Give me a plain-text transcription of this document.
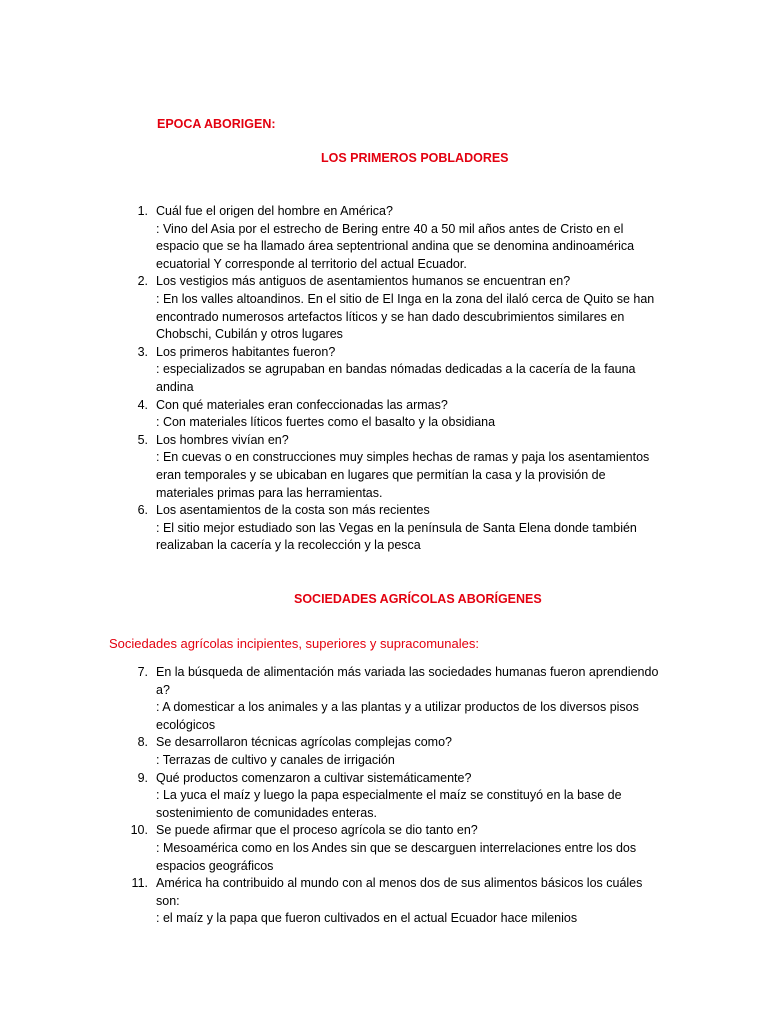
EPOCA ABORIGEN:
LOS PRIMEROS POBLADORES
1. Cuál fue el origen del hombre en América?
: Vino del Asia por el estrecho de Bering entre 40 a 50 mil años antes de Cristo en el espacio que se ha llamado área septentrional andina que se denomina andinoamérica ecuatorial Y corresponde al territorio del actual Ecuador.
2. Los vestigios más antiguos de asentamientos humanos se encuentran en?
: En los valles altoandinos. En el sitio de El Inga en la zona del ilaló cerca de Quito se han encontrado numerosos artefactos líticos y se han dado descubrimientos similares en Chobschi, Cubilán y otros lugares
3. Los primeros habitantes fueron?
: especializados se agrupaban en bandas nómadas dedicadas a la cacería de la fauna andina
4. Con qué materiales eran confeccionadas las armas?
: Con materiales líticos fuertes como el basalto y la obsidiana
5. Los hombres vivían en?
: En cuevas o en construcciones muy simples hechas de ramas y paja los asentamientos eran temporales y se ubicaban en lugares que permitían la casa y la provisión de materiales primas para las herramientas.
6. Los asentamientos de la costa son más recientes
: El sitio mejor estudiado son las Vegas en la península de Santa Elena donde también realizaban la cacería y la recolección y la pesca
SOCIEDADES AGRÍCOLAS ABORÍGENES
Sociedades agrícolas incipientes, superiores y supracomunales:
7. En la búsqueda de alimentación más variada las sociedades humanas fueron aprendiendo a?
: A domesticar a los animales y a las plantas y a utilizar productos de los diversos pisos ecológicos
8. Se desarrollaron técnicas agrícolas complejas como?
: Terrazas de cultivo y canales de irrigación
9. Qué productos comenzaron a cultivar sistemáticamente?
: La yuca el maíz y luego la papa especialmente el maíz se constituyó en la base de sostenimiento de comunidades enteras.
10. Se puede afirmar que el proceso agrícola se dio tanto en?
: Mesoamérica como en los Andes sin que se descarguen interrelaciones entre los dos espacios geográficos
11. América ha contribuido al mundo con al menos dos de sus alimentos básicos los cuáles son:
: el maíz y la papa que fueron cultivados en el actual Ecuador hace milenios
